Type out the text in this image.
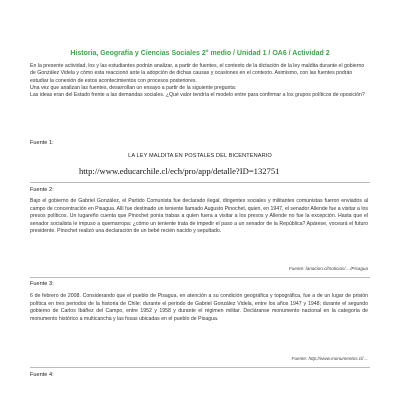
Historia, Geografía y Ciencias Sociales 2° medio / Unidad 1 / OA6 / Actividad 2

En la presente actividad, los y las estudiantes podrán analizar, a partir de fuentes, el contexto de la dictación de la ley maldita durante el gobierno de González Videla y cómo esta reaccionó ante la adopción de dichas causas y ocasiones en el contexto. Asimismo, con las fuentes podrán estudiar la conexión de estos acontecimientos con procesos posteriores.

Una vez que analizan las fuentes, desarrollan un ensayo a partir de la siguiente pregunta:

Las ideas eran del Estado frente a las demandas sociales. ¿Qué valor tendría el modelo entre para confirmar a los grupos políticos de oposición?

Fuente 1:
LA LEY MALDITA EN POSTALES DEL BICENTENARIO
http://www.educarchile.cl/ech/pro/app/detalle?ID=132751
Fuente 2:

Bajo el gobierno de Gabriel González, el Partido Comunista fue declarado ilegal, dirigentes sociales y militantes comunistas fueron enviados al campo de concentración en Pisagua. Allí fue destinado un teniente llamado Augusto Pinochet, quien, en 1947, el senador Allende fue a visitar a los presos políticos. Un lugareño cuenta que Pinochet ponía trabas a quien fuera a visitar a los presos y Allende no fue la excepción. Hasta que el senador socialista le impuso a quemarropa: ¿cómo un teniente trata de impedir el paso a un senador de la República? Apárese, voceará el futuro presidente. Pinochet realizó una declaración de un bebé recién nacido y sepultado.

Fuente: lanacion.cl/noticias/…/Pisagua
Fuente 3:

6 de febrero de 2008. Considerando que el pueblo de Pisagua, en atención a su condición geográfica y topográfica, fue a de un lugar de prisión política en tres periodos de la historia de Chile: durante el periodo de Gabriel González Videla, entre los años 1947 y 1948; durante el segundo gobierno de Carlos Ibáñez del Campo, entre 1952 y 1958 y durante el régimen militar. Decláranse monumento nacional en la categoría de monumento histórico a multicancha y las fosas ubicadas en el pueblo de Pisagua.

Fuente: http://www.monumentos.cl/…
Fuente 4:
